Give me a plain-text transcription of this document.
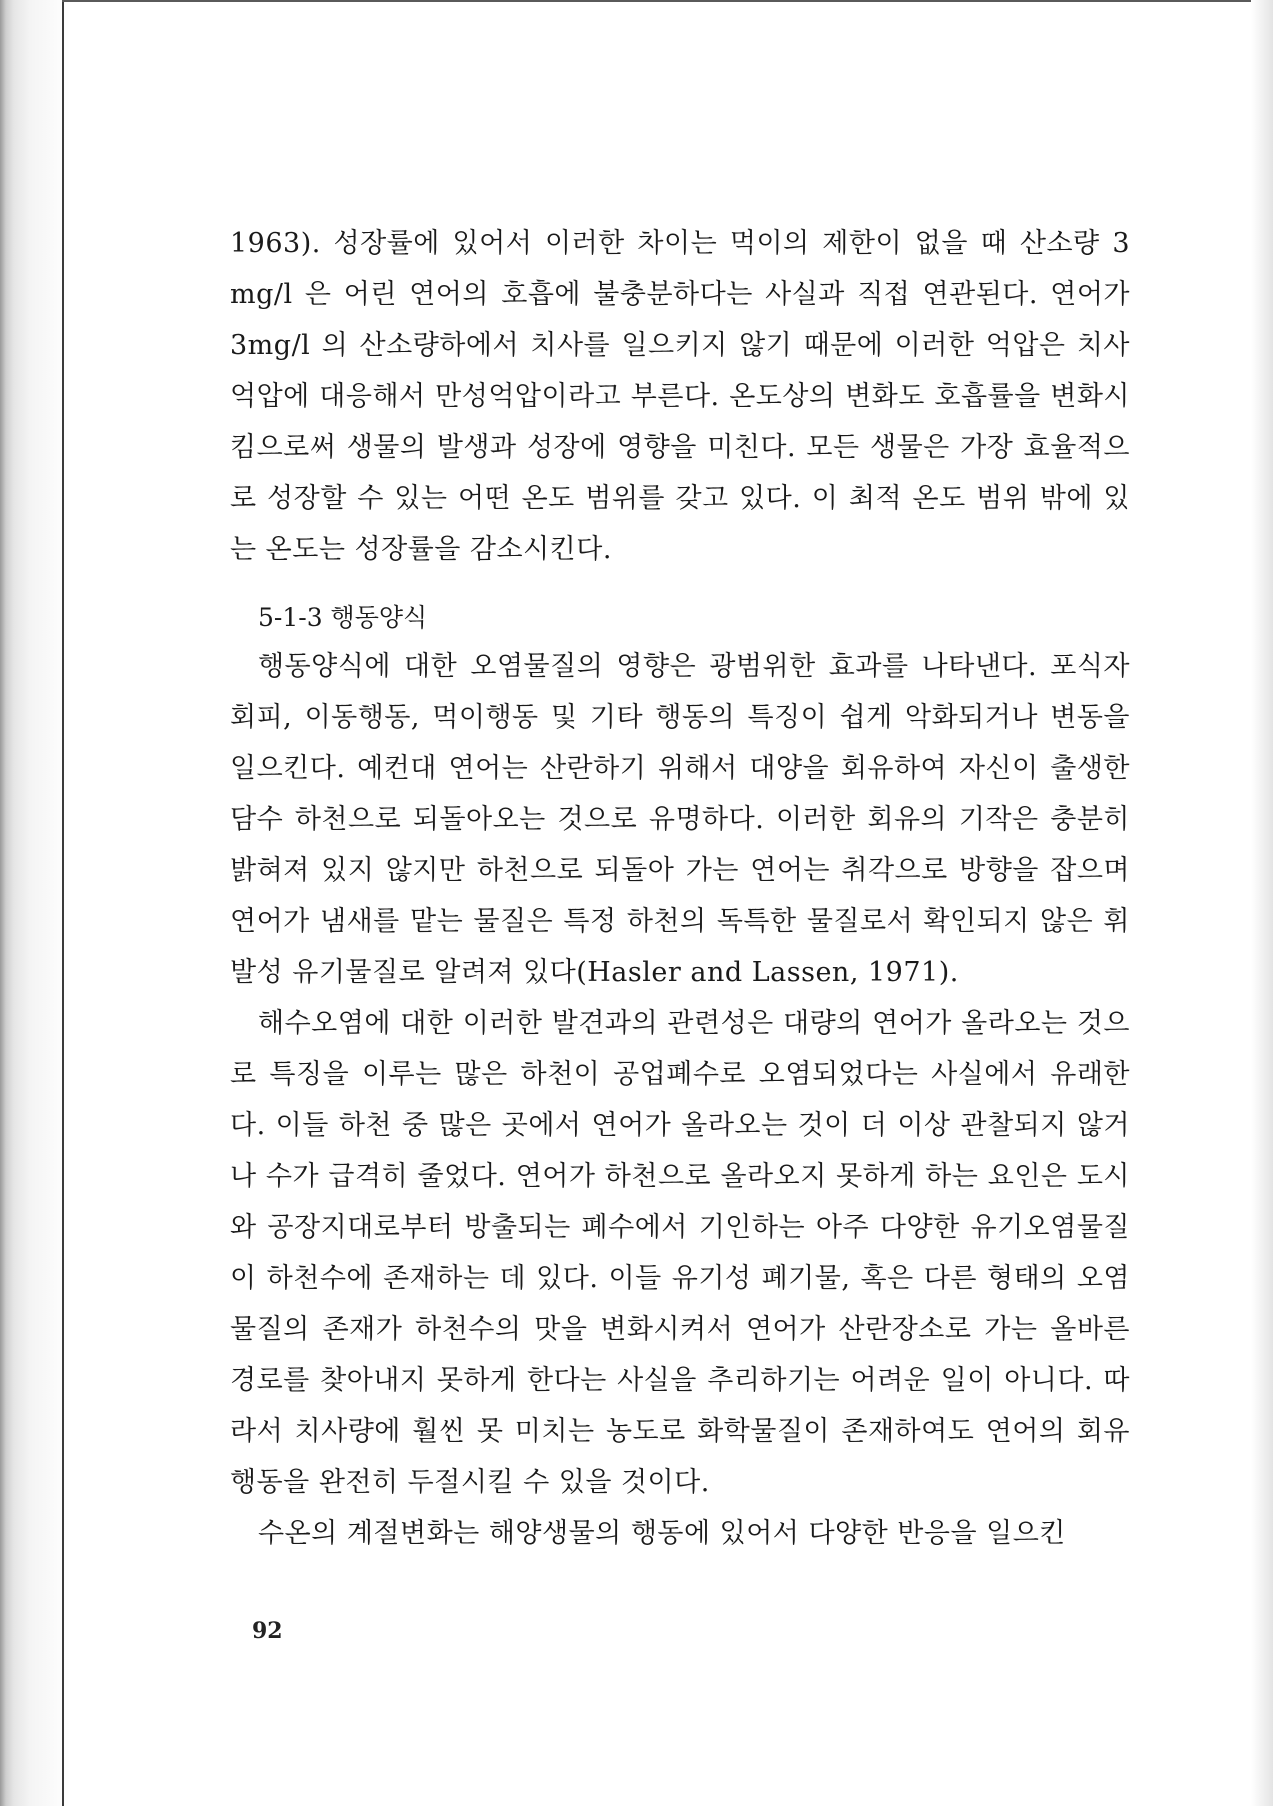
1963). 성장률에 있어서 이러한 차이는 먹이의 제한이 없을 때 산소량 3 mg/l 은 어린 연어의 호흡에 불충분하다는 사실과 직접 연관된다. 연어가 3mg/l 의 산소량하에서 치사를 일으키지 않기 때문에 이러한 억압은 치사억압에 대응해서 만성억압이라고 부른다. 온도상의 변화도 호흡률을 변화시킴으로써 생물의 발생과 성장에 영향을 미친다. 모든 생물은 가장 효율적으로 성장할 수 있는 어떤 온도 범위를 갖고 있다. 이 최적 온도 범위 밖에 있는 온도는 성장률을 감소시킨다.

5-1-3 행동양식

행동양식에 대한 오염물질의 영향은 광범위한 효과를 나타낸다. 포식자 회피, 이동행동, 먹이행동 및 기타 행동의 특징이 쉽게 악화되거나 변동을 일으킨다. 예컨대 연어는 산란하기 위해서 대양을 회유하여 자신이 출생한 담수 하천으로 되돌아오는 것으로 유명하다. 이러한 회유의 기작은 충분히 밝혀져 있지 않지만 하천으로 되돌아 가는 연어는 취각으로 방향을 잡으며 연어가 냄새를 맡는 물질은 특정 하천의 독특한 물질로서 확인되지 않은 휘발성 유기물질로 알려져 있다(Hasler and Lassen, 1971).

해수오염에 대한 이러한 발견과의 관련성은 대량의 연어가 올라오는 것으로 특징을 이루는 많은 하천이 공업폐수로 오염되었다는 사실에서 유래한다. 이들 하천 중 많은 곳에서 연어가 올라오는 것이 더 이상 관찰되지 않거나 수가 급격히 줄었다. 연어가 하천으로 올라오지 못하게 하는 요인은 도시와 공장지대로부터 방출되는 폐수에서 기인하는 아주 다양한 유기오염물질이 하천수에 존재하는 데 있다. 이들 유기성 폐기물, 혹은 다른 형태의 오염물질의 존재가 하천수의 맛을 변화시켜서 연어가 산란장소로 가는 올바른 경로를 찾아내지 못하게 한다는 사실을 추리하기는 어려운 일이 아니다. 따라서 치사량에 훨씬 못 미치는 농도로 화학물질이 존재하여도 연어의 회유행동을 완전히 두절시킬 수 있을 것이다.

수온의 계절변화는 해양생물의 행동에 있어서 다양한 반응을 일으킨

92
